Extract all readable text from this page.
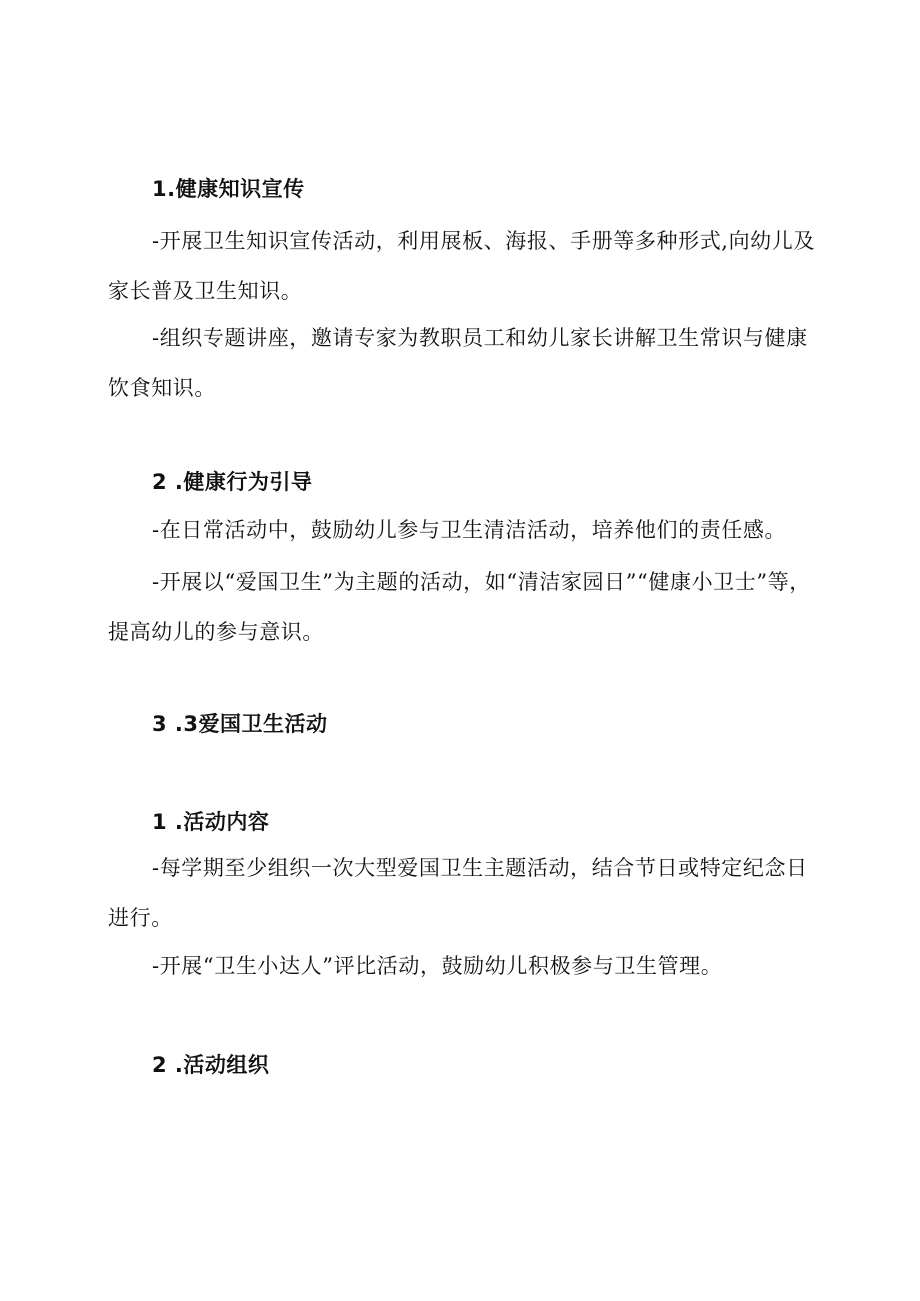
1.健康知识宣传
-开展卫生知识宣传活动，利用展板、海报、手册等多种形式,向幼儿及家长普及卫生知识。
-组织专题讲座，邀请专家为教职员工和幼儿家长讲解卫生常识与健康饮食知识。
2 .健康行为引导
-在日常活动中，鼓励幼儿参与卫生清洁活动，培养他们的责任感。
-开展以“爱国卫生”为主题的活动，如“清洁家园日”“健康小卫士”等，提高幼儿的参与意识。
3 .3爱国卫生活动
1 .活动内容
-每学期至少组织一次大型爱国卫生主题活动，结合节日或特定纪念日进行。
-开展“卫生小达人”评比活动，鼓励幼儿积极参与卫生管理。
2 .活动组织
